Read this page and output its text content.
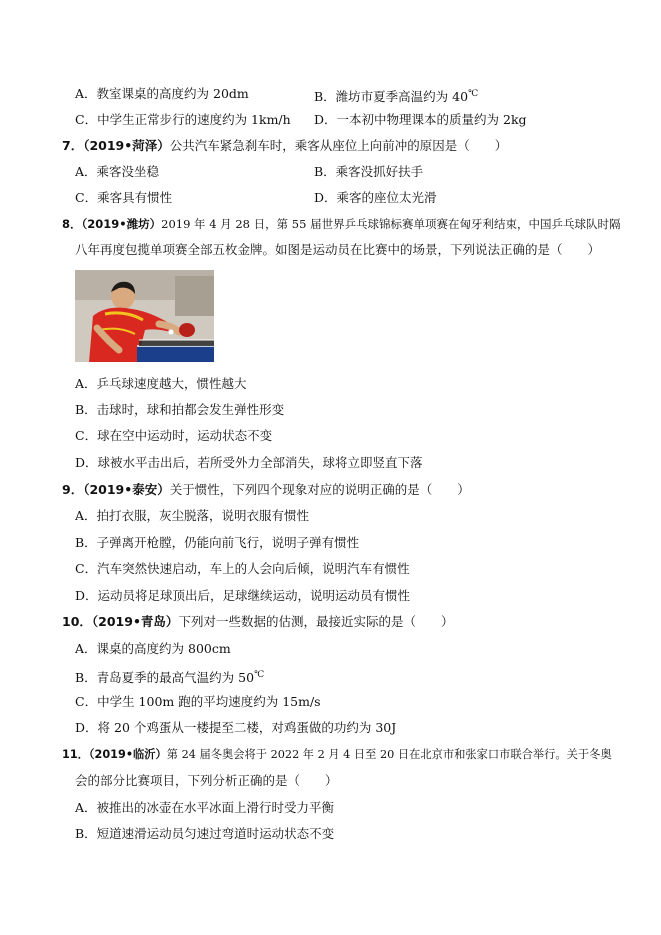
A．教室课桌的高度约为 20dm	B．潍坊市夏季高温约为 40℃
C．中学生正常步行的速度约为 1km/h D．一本初中物理课本的质量约为 2kg
7．（2019•菏泽）公共汽车紧急刹车时，乘客从座位上向前冲的原因是（　　）
A．乘客没坐稳	B．乘客没抓好扶手
C．乘客具有惯性	D．乘客的座位太光滑
8．（2019•潍坊）2019 年 4 月 28 日，第 55 届世界乒乓球锦标赛单项赛在匈牙利结束，中国乒乓球队时隔
八年再度包揽单项赛全部五枚金牌。如图是运动员在比赛中的场景，下列说法正确的是（　　）
A．乒乓球速度越大，惯性越大
B．击球时，球和拍都会发生弹性形变
C．球在空中运动时，运动状态不变
D．球被水平击出后，若所受外力全部消失，球将立即竖直下落
9．（2019•泰安）关于惯性，下列四个现象对应的说明正确的是（　　）
A．拍打衣服，灰尘脱落，说明衣服有惯性
B．子弹离开枪膛，仍能向前飞行，说明子弹有惯性
C．汽车突然快速启动，车上的人会向后倾，说明汽车有惯性
D．运动员将足球顶出后，足球继续运动，说明运动员有惯性
10．（2019•青岛）下列对一些数据的估测，最接近实际的是（　　）
A．课桌的高度约为 800cm
B．青岛夏季的最高气温约为 50℃
C．中学生 100m 跑的平均速度约为 15m/s
D．将 20 个鸡蛋从一楼提至二楼，对鸡蛋做的功约为 30J
11．（2019•临沂）第 24 届冬奥会将于 2022 年 2 月 4 日至 20 日在北京市和张家口市联合举行。关于冬奥
会的部分比赛项目，下列分析正确的是（　　）
A．被推出的冰壶在水平冰面上滑行时受力平衡
B．短道速滑运动员匀速过弯道时运动状态不变
